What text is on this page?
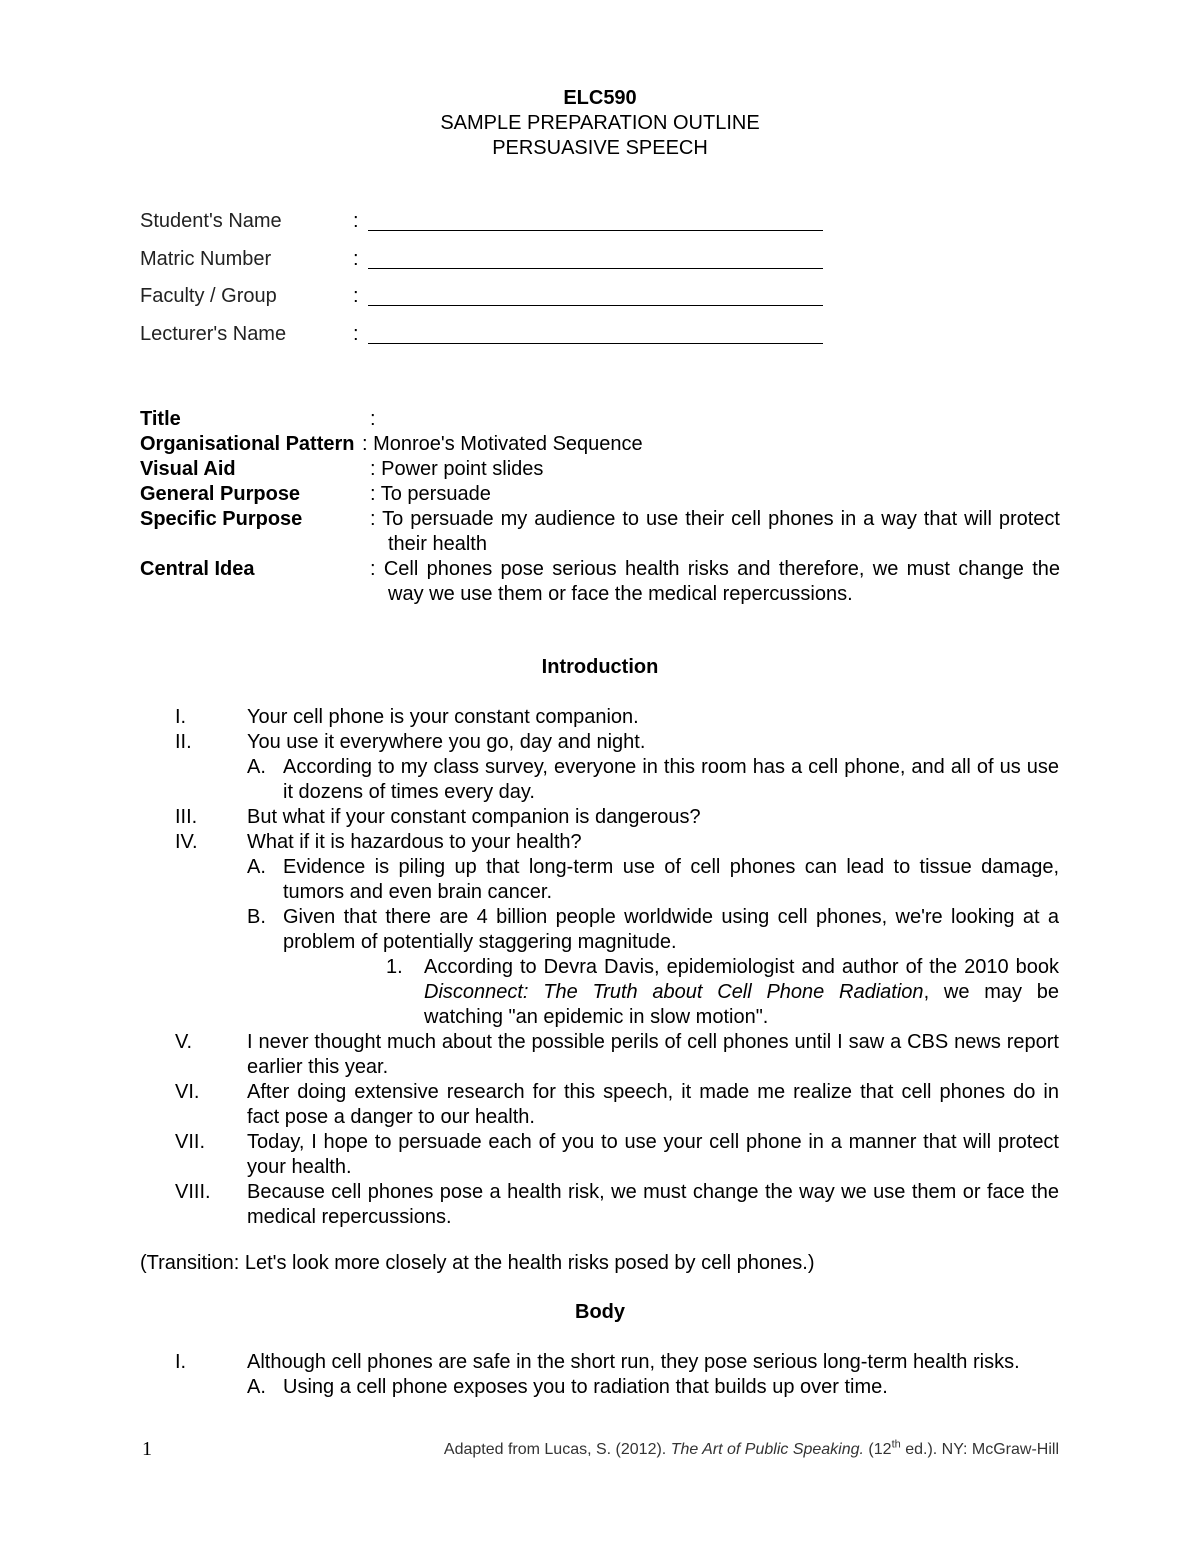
ELC590
SAMPLE PREPARATION OUTLINE
PERSUASIVE SPEECH
Student's Name	:
Matric Number	:
Faculty / Group	:
Lecturer's Name	:
Title	:
Organisational Pattern : Monroe's Motivated Sequence
Visual Aid	: Power point slides
General Purpose	: To persuade
Specific Purpose	: To persuade my audience to use their cell phones in a way that will protect their health
Central Idea	: Cell phones pose serious health risks and therefore, we must change the way we use them or face the medical repercussions.
Introduction
I.	Your cell phone is your constant companion.
II.	You use it everywhere you go, day and night.
A. According to my class survey, everyone in this room has a cell phone, and all of us use it dozens of times every day.
III. But what if your constant companion is dangerous?
IV. What if it is hazardous to your health?
A. Evidence is piling up that long-term use of cell phones can lead to tissue damage, tumors and even brain cancer.
B. Given that there are 4 billion people worldwide using cell phones, we're looking at a problem of potentially staggering magnitude.
1. According to Devra Davis, epidemiologist and author of the 2010 book Disconnect: The Truth about Cell Phone Radiation, we may be watching "an epidemic in slow motion".
V.	I never thought much about the possible perils of cell phones until I saw a CBS news report earlier this year.
VI. After doing extensive research for this speech, it made me realize that cell phones do in fact pose a danger to our health.
VII. Today, I hope to persuade each of you to use your cell phone in a manner that will protect your health.
VIII. Because cell phones pose a health risk, we must change the way we use them or face the medical repercussions.
(Transition: Let's look more closely at the health risks posed by cell phones.)
Body
I.	Although cell phones are safe in the short run, they pose serious long-term health risks.
A. Using a cell phone exposes you to radiation that builds up over time.
1	Adapted from Lucas, S. (2012). The Art of Public Speaking. (12th ed.). NY: McGraw-Hill
